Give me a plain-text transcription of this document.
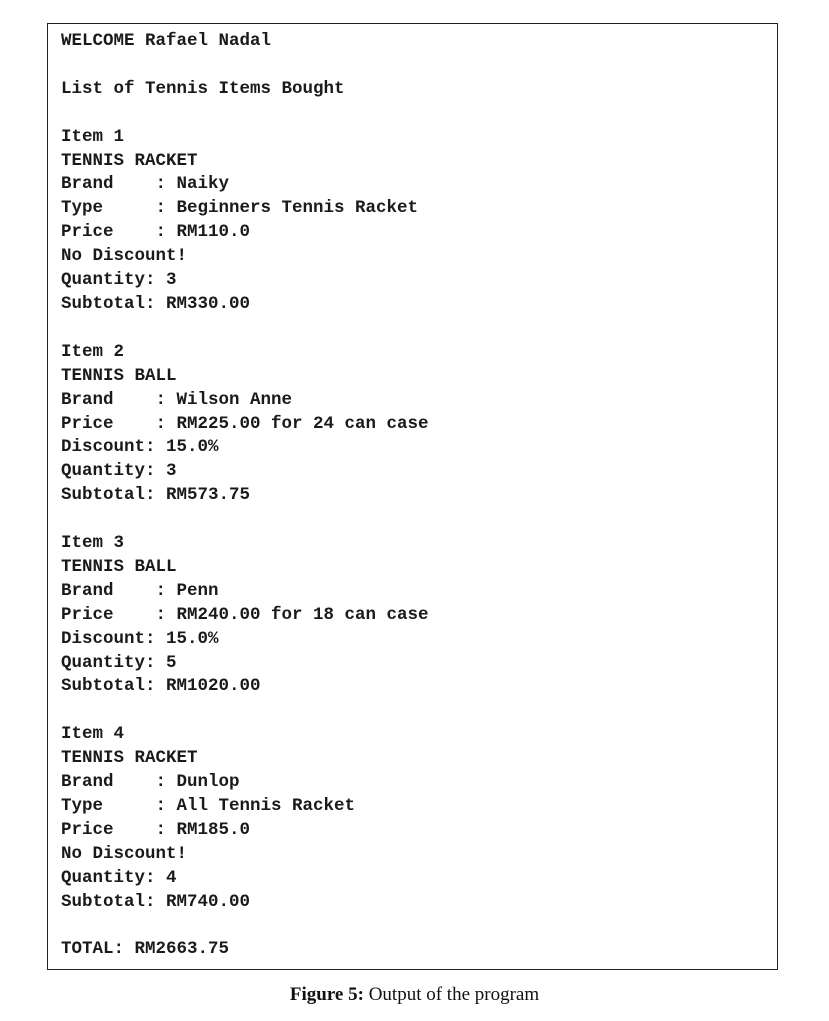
WELCOME Rafael Nadal

List of Tennis Items Bought

Item 1
TENNIS RACKET
Brand    : Naiky
Type     : Beginners Tennis Racket
Price    : RM110.0
No Discount!
Quantity: 3
Subtotal: RM330.00

Item 2
TENNIS BALL
Brand    : Wilson Anne
Price    : RM225.00 for 24 can case
Discount: 15.0%
Quantity: 3
Subtotal: RM573.75

Item 3
TENNIS BALL
Brand    : Penn
Price    : RM240.00 for 18 can case
Discount: 15.0%
Quantity: 5
Subtotal: RM1020.00

Item 4
TENNIS RACKET
Brand    : Dunlop
Type     : All Tennis Racket
Price    : RM185.0
No Discount!
Quantity: 4
Subtotal: RM740.00

TOTAL: RM2663.75

Figure 5: Output of the program
